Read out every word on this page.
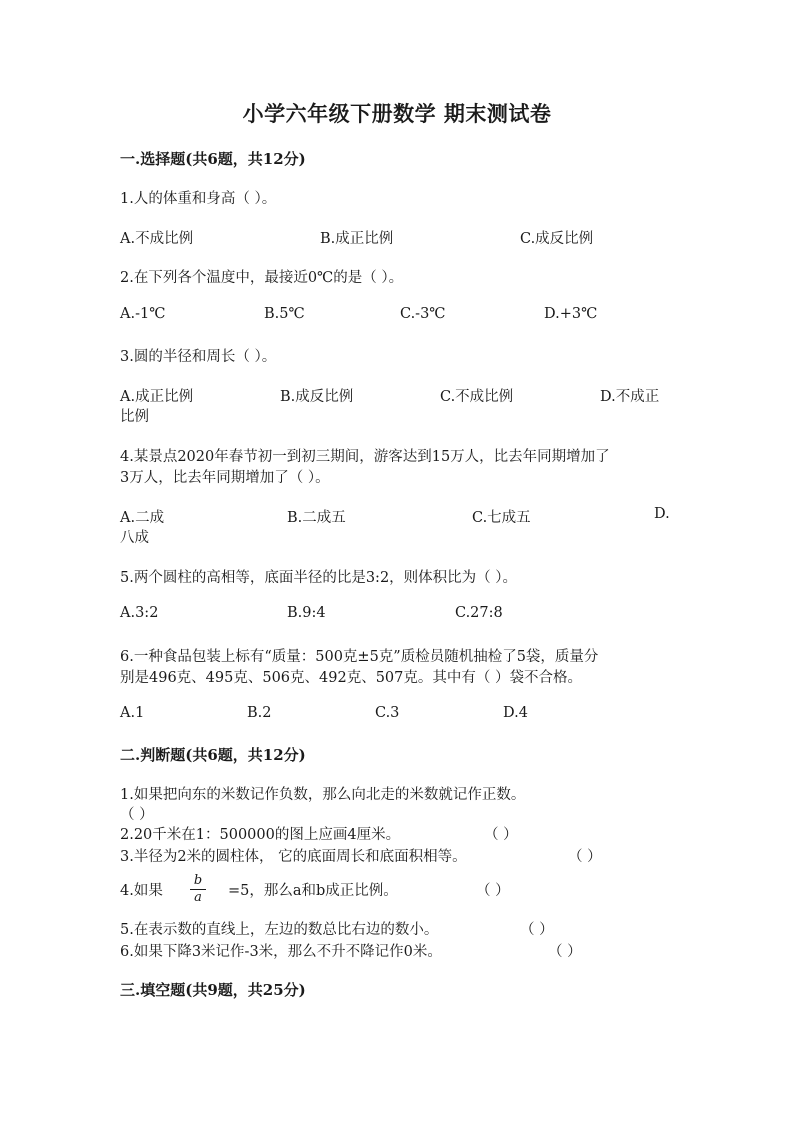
小学六年级下册数学 期末测试卷
一.选择题(共6题，共12分)
1.人的体重和身高（ ）。
A.不成比例	B.成正比例	C.成反比例
2.在下列各个温度中，最接近0℃的是（ ）。
A.-1℃	B.5℃	C.-3℃	D.+3℃
3.圆的半径和周长（ ）。
A.成正比例	B.成反比例	C.不成比例	D.不成正
比例
4.某景点2020年春节初一到初三期间，游客达到15万人，比去年同期增加了
3万人，比去年同期增加了（ ）。
A.二成	B.二成五	C.七成五	D.
八成
5.两个圆柱的高相等，底面半径的比是3:2，则体积比为（ ）。
A.3:2	B.9:4	C.27:8
6.一种食品包装上标有“质量：500克±5克”质检员随机抽检了5袋，质量分
别是496克、495克、506克、492克、507克。其中有（ ）袋不合格。
A.1	B.2	C.3	D.4
二.判断题(共6题，共12分)
1.如果把向东的米数记作负数，那么向北走的米数就记作正数。
（ ）
2.20千米在1：500000的图上应画4厘米。	（ ）
3.半径为2米的圆柱体， 它的底面周长和底面积相等。	（ ）
4.如果
b
a =5，那么a和b成正比例。	（ ）
5.在表示数的直线上，左边的数总比右边的数小。	（ ）
6.如果下降3米记作-3米，那么不升不降记作0米。	（ ）
三.填空题(共9题，共25分)
